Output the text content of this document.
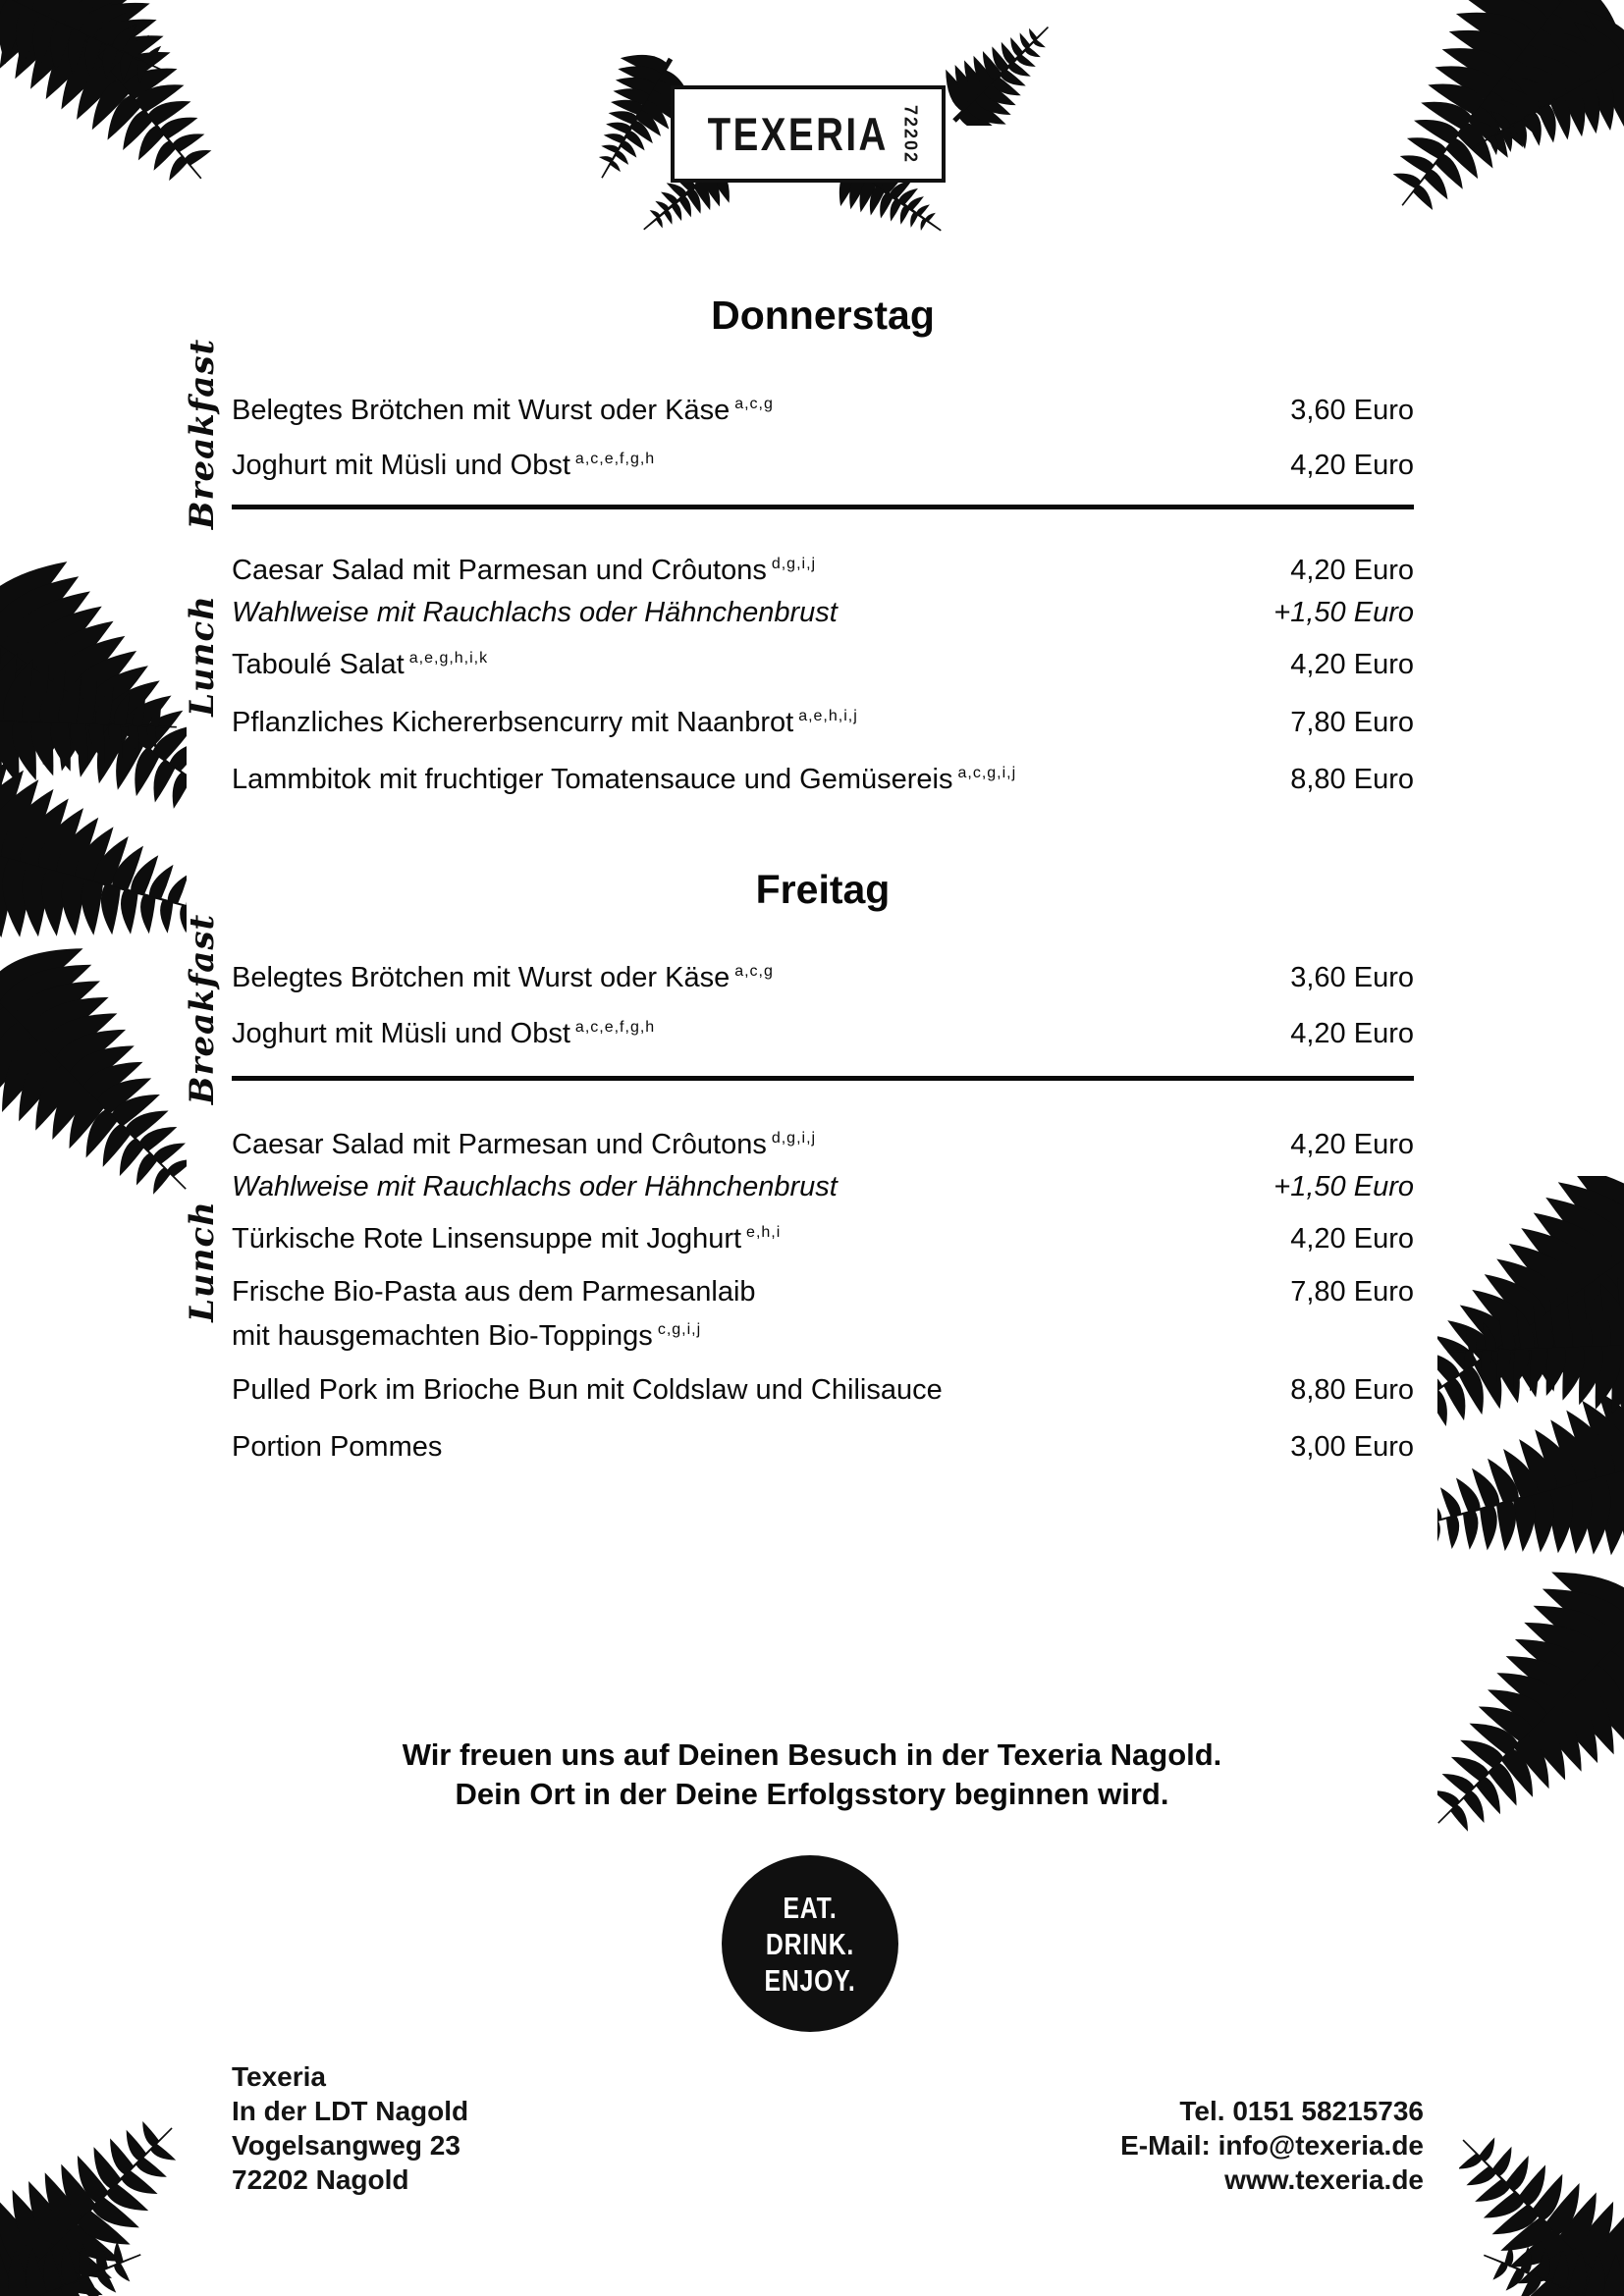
TEXERIA 72202
Donnerstag
Breakfast Belegtes Brötchen mit Wurst oder Käse $^{a,c,g}$	3,60 Euro
Joghurt mit Müsli und Obst $^{a,c,e,f,g,h}$	4,20 Euro
Lunch
Caesar Salad mit Parmesan und Crôutons $^{d,g,i,j}$	4,20 Euro
Wahlweise mit Rauchlachs oder Hähnchenbrust	+1,50 Euro
Taboulé Salat $^{a,e,g,h,i,k}$	4,20 Euro
Pflanzliches Kichererbsencurry mit Naanbrot $^{a,e,h,i,j}$	7,80 Euro
Lammbitok mit fruchtiger Tomatensauce und Gemüsereis $^{a,c,g,i,j}$	8,80 Euro
Freitag
Breakfast Belegtes Brötchen mit Wurst oder Käse $^{a,c,g}$	3,60 Euro
Joghurt mit Müsli und Obst $^{a,c,e,f,g,h}$	4,20 Euro
Lunch
Caesar Salad mit Parmesan und Crôutons $^{d,g,i,j}$	4,20 Euro
Wahlweise mit Rauchlachs oder Hähnchenbrust	+1,50 Euro
Türkische Rote Linsensuppe mit Joghurt $^{e,h,i}$	4,20 Euro
Frische Bio-Pasta aus dem Parmesanlaib	7,80 Euro
mit hausgemachten Bio-Toppings $^{c,g,i,j}$
Pulled Pork im Brioche Bun mit Coldslaw und Chilisauce	8,80 Euro
Portion Pommes	3,00 Euro
Wir freuen uns auf Deinen Besuch in der Texeria Nagold.
Dein Ort in der Deine Erfolgsstory beginnen wird.
EAT.
DRINK.
ENJOY.
Texeria
In der LDT Nagold
Vogelsangweg 23
72202 Nagold
Tel. 0151 58215736
E-Mail: info@texeria.de
www.texeria.de
